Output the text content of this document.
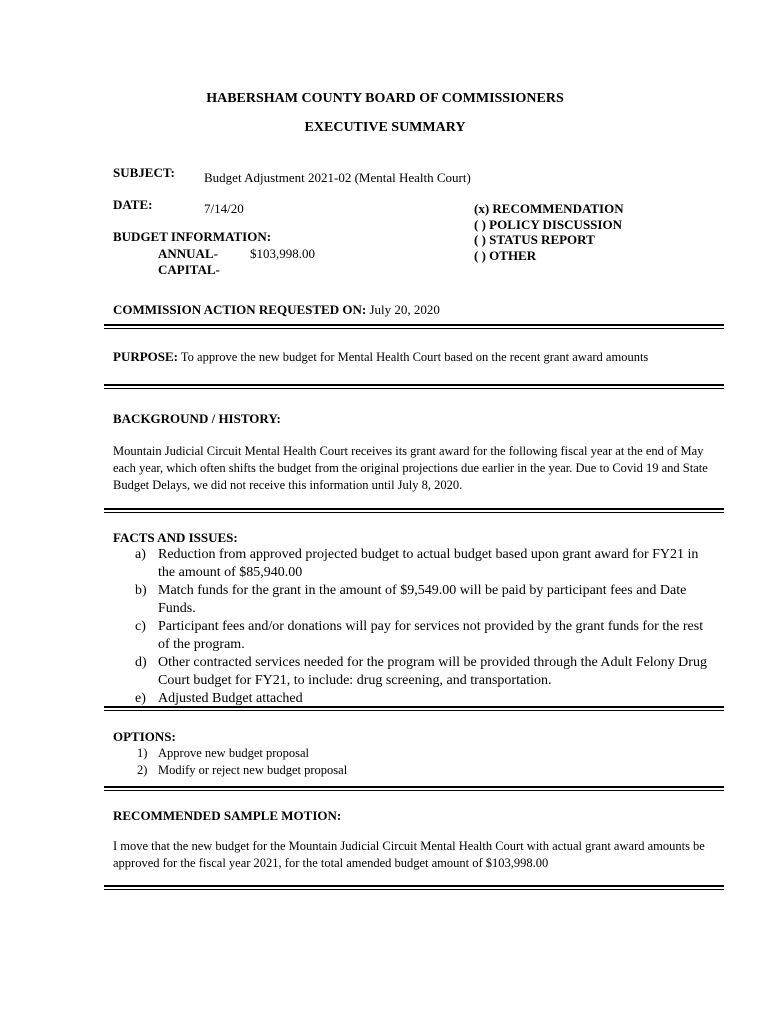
HABERSHAM COUNTY BOARD OF COMMISSIONERS
EXECUTIVE SUMMARY
SUBJECT: Budget Adjustment 2021-02 (Mental Health Court)
DATE:	7/14/20	(x) RECOMMENDATION
( ) POLICY DISCUSSION
( ) STATUS REPORT
( ) OTHER
BUDGET INFORMATION:
ANNUAL- $103,998.00
CAPITAL-
COMMISSION ACTION REQUESTED ON: July 20, 2020
PURPOSE: To approve the new budget for Mental Health Court based on the recent grant award amounts
BACKGROUND / HISTORY:
Mountain Judicial Circuit Mental Health Court receives its grant award for the following fiscal year at the end of May each year, which often shifts the budget from the original projections due earlier in the year. Due to Covid 19 and State Budget Delays, we did not receive this information until July 8, 2020.
FACTS AND ISSUES:
a) Reduction from approved projected budget to actual budget based upon grant award for FY21 in the amount of $85,940.00
b) Match funds for the grant in the amount of $9,549.00 will be paid by participant fees and Date Funds.
c) Participant fees and/or donations will pay for services not provided by the grant funds for the rest of the program.
d) Other contracted services needed for the program will be provided through the Adult Felony Drug Court budget for FY21, to include: drug screening, and transportation.
e) Adjusted Budget attached
OPTIONS:
1) Approve new budget proposal
2) Modify or reject new budget proposal
RECOMMENDED SAMPLE MOTION:
I move that the new budget for the Mountain Judicial Circuit Mental Health Court with actual grant award amounts be approved for the fiscal year 2021, for the total amended budget amount of $103,998.00
